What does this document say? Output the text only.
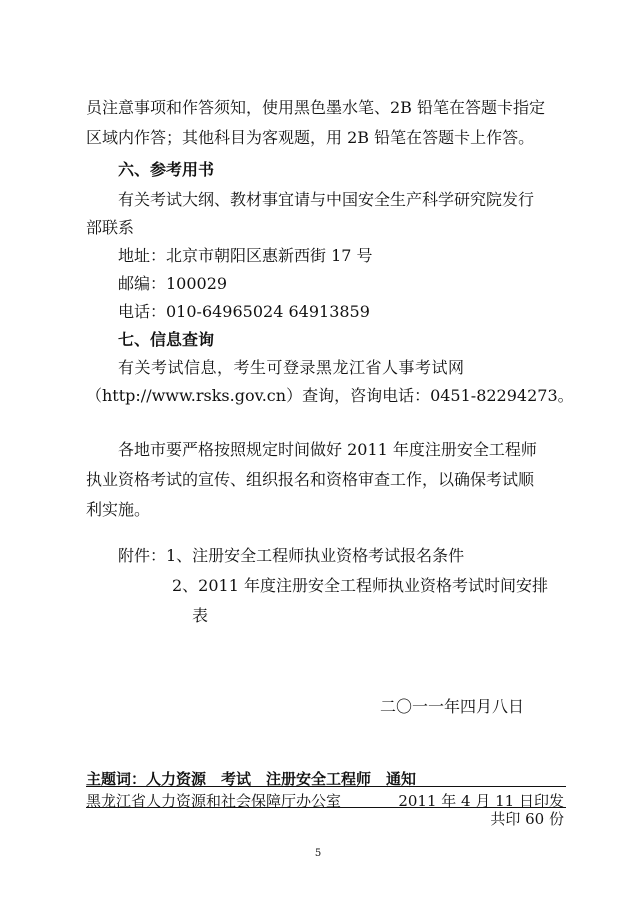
员注意事项和作答须知，使用黑色墨水笔、2B 铅笔在答题卡指定
区域内作答；其他科目为客观题，用 2B 铅笔在答题卡上作答。
六、参考用书
有关考试大纲、教材事宜请与中国安全生产科学研究院发行
部联系
地址：北京市朝阳区惠新西街 17 号
邮编：100029
电话：010-64965024 64913859
七、信息查询
有关考试信息，考生可登录黑龙江省人事考试网
（http://www.rsks.gov.cn）查询，咨询电话：0451-82294273。
各地市要严格按照规定时间做好 2011 年度注册安全工程师
执业资格考试的宣传、组织报名和资格审查工作，以确保考试顺
利实施。
附件：1、注册安全工程师执业资格考试报名条件
2、2011 年度注册安全工程师执业资格考试时间安排
表
二〇一一年四月八日
主题词：人力资源　考试　注册安全工程师　通知
黑龙江省人力资源和社会保障厅办公室	2011 年 4 月 11 日印发
共印 60 份
5
